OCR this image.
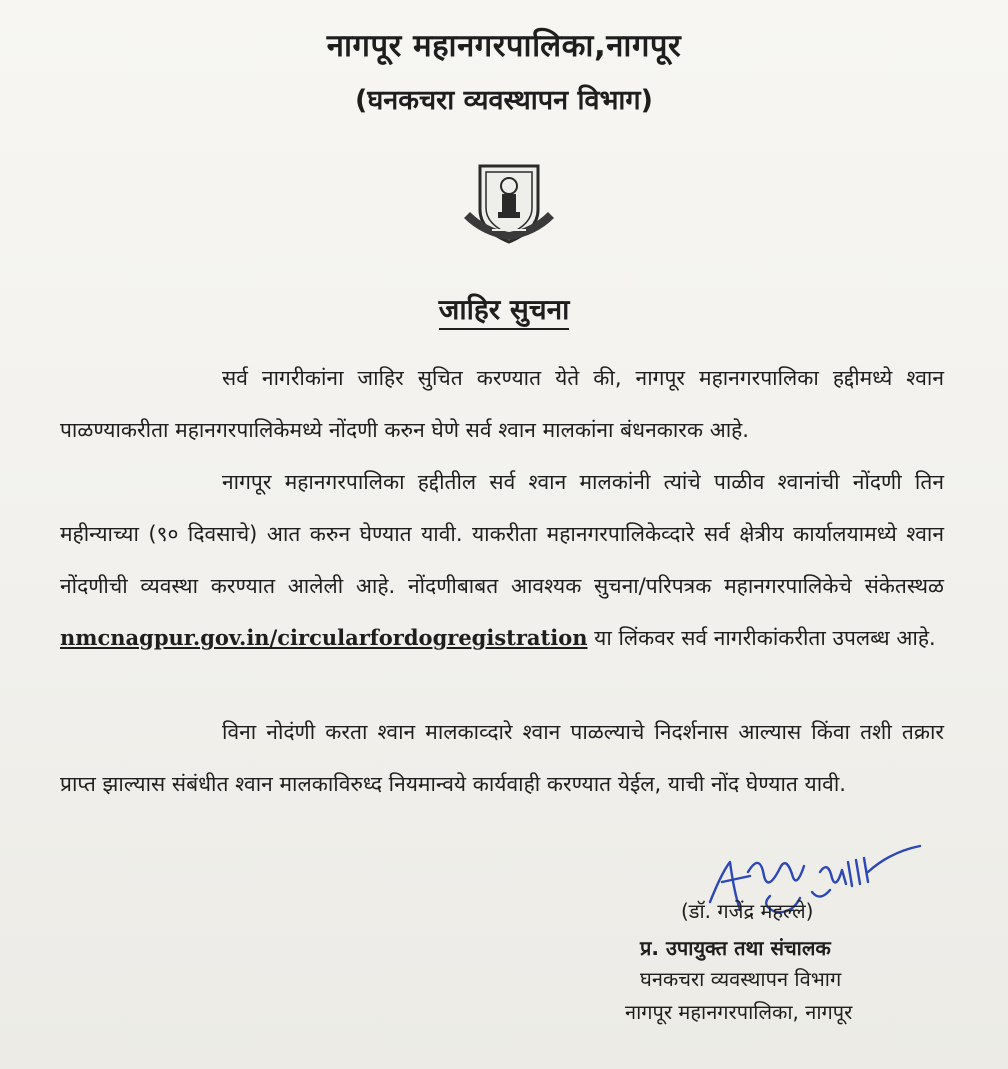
नागपूर महानगरपालिका,नागपूर
(घनकचरा व्यवस्थापन विभाग)
जाहिर सुचना

सर्व नागरीकांना जाहिर सुचित करण्यात येते की, नागपूर महानगरपालिका हद्दीमध्ये श्वान पाळण्याकरीता महानगरपालिकेमध्ये नोंदणी करुन घेणे सर्व श्वान मालकांना बंधनकारक आहे.

नागपूर महानगरपालिका हद्दीतील सर्व श्वान मालकांनी त्यांचे पाळीव श्वानांची नोंदणी तिन महीन्याच्या (९० दिवसाचे) आत करुन घेण्यात यावी. याकरीता महानगरपालिकेव्दारे सर्व क्षेत्रीय कार्यालयामध्ये श्वान नोंदणीची व्यवस्था करण्यात आलेली आहे. नोंदणीबाबत आवश्यक सुचना/परिपत्रक महानगरपालिकेचे संकेतस्थळ nmcnagpur.gov.in/circularfordogregistration या लिंकवर सर्व नागरीकांकरीता उपलब्ध आहे.

विना नोदंणी करता श्वान मालकाव्दारे श्वान पाळल्याचे निदर्शनास आल्यास किंवा तशी तक्रार प्राप्त झाल्यास संबंधीत श्वान मालकाविरुध्द नियमान्वये कार्यवाही करण्यात येईल, याची नोंद घेण्यात यावी.

(डॉ. गजेंद्र महल्ले)
प्र. उपायुक्त तथा संचालक
घनकचरा व्यवस्थापन विभाग
नागपूर महानगरपालिका, नागपूर
